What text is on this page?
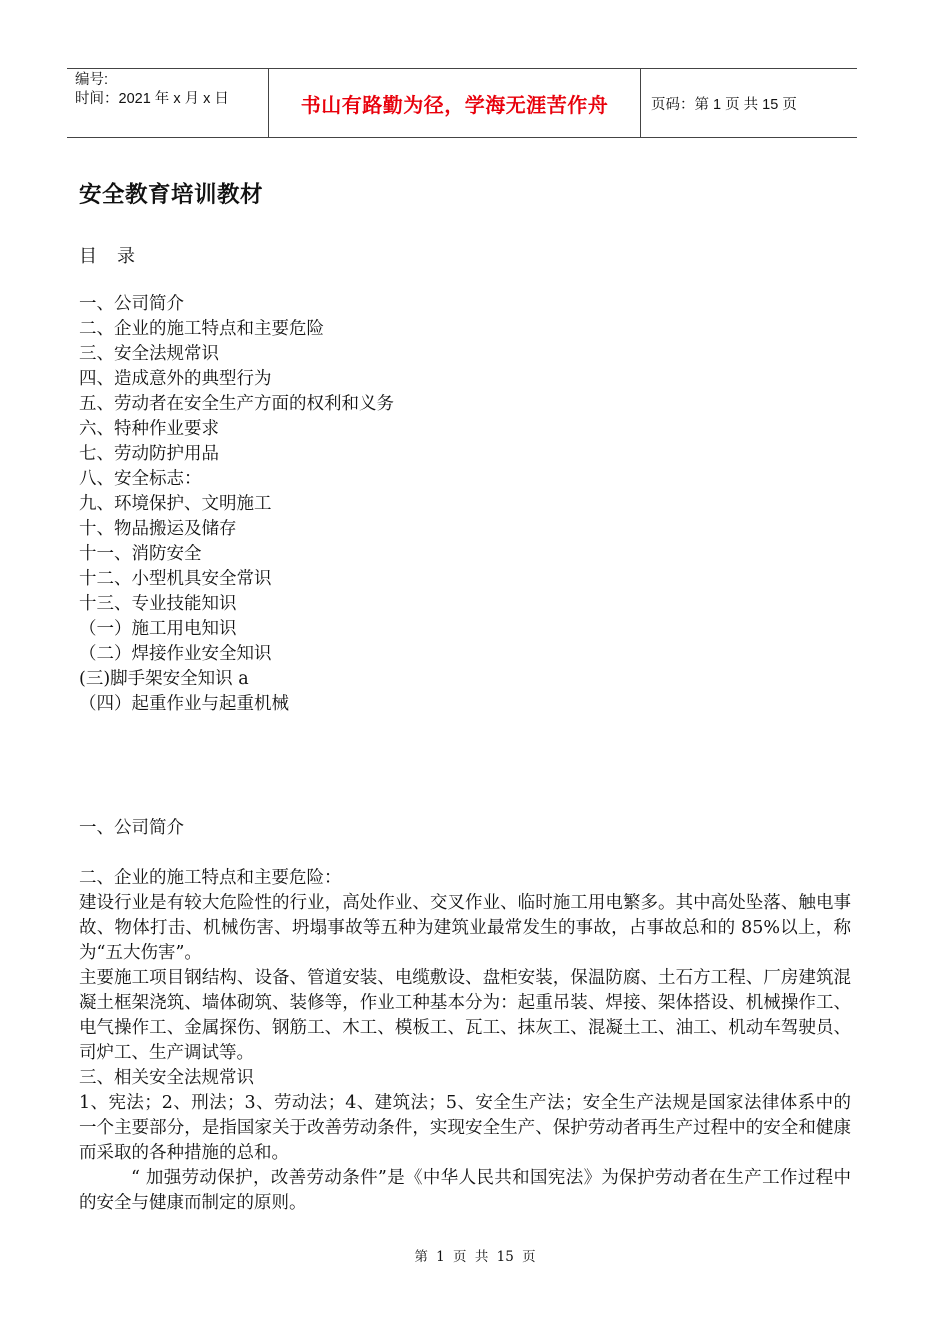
编号:
时间：2021 年 x 月 x 日	书山有路勤为径，学海无涯苦作舟	页码：第 1 页 共 15 页
安全教育培训教材
目录
一、公司简介
二、企业的施工特点和主要危险
三、安全法规常识
四、造成意外的典型行为
五、劳动者在安全生产方面的权利和义务
六、特种作业要求
七、劳动防护用品
八、安全标志：
九、环境保护、文明施工
十、物品搬运及储存
十一、消防安全
十二、小型机具安全常识
十三、专业技能知识
（一）施工用电知识
（二）焊接作业安全知识
(三)脚手架安全知识 a
（四）起重作业与起重机械
一、公司简介

二、企业的施工特点和主要危险：

建设行业是有较大危险性的行业，高处作业、交叉作业、临时施工用电繁多。其中高处坠落、触电事故、物体打击、机械伤害、坍塌事故等五种为建筑业最常发生的事故，占事故总和的 85%以上，称为“五大伤害”。

主要施工项目钢结构、设备、管道安装、电缆敷设、盘柜安装，保温防腐、土石方工程、厂房建筑混凝土框架浇筑、墙体砌筑、装修等，作业工种基本分为：起重吊装、焊接、架体搭设、机械操作工、电气操作工、金属探伤、钢筋工、木工、模板工、瓦工、抹灰工、混凝土工、油工、机动车驾驶员、司炉工、生产调试等。

三、相关安全法规常识

1、宪法；2、刑法；3、劳动法；4、建筑法；5、安全生产法；安全生产法规是国家法律体系中的一个主要部分，是指国家关于改善劳动条件，实现安全生产、保护劳动者再生产过程中的安全和健康而采取的各种措施的总和。

“ 加强劳动保护，改善劳动条件”是《中华人民共和国宪法》为保护劳动者在生产工作过程中的安全与健康而制定的原则。

第 1 页 共 15 页
